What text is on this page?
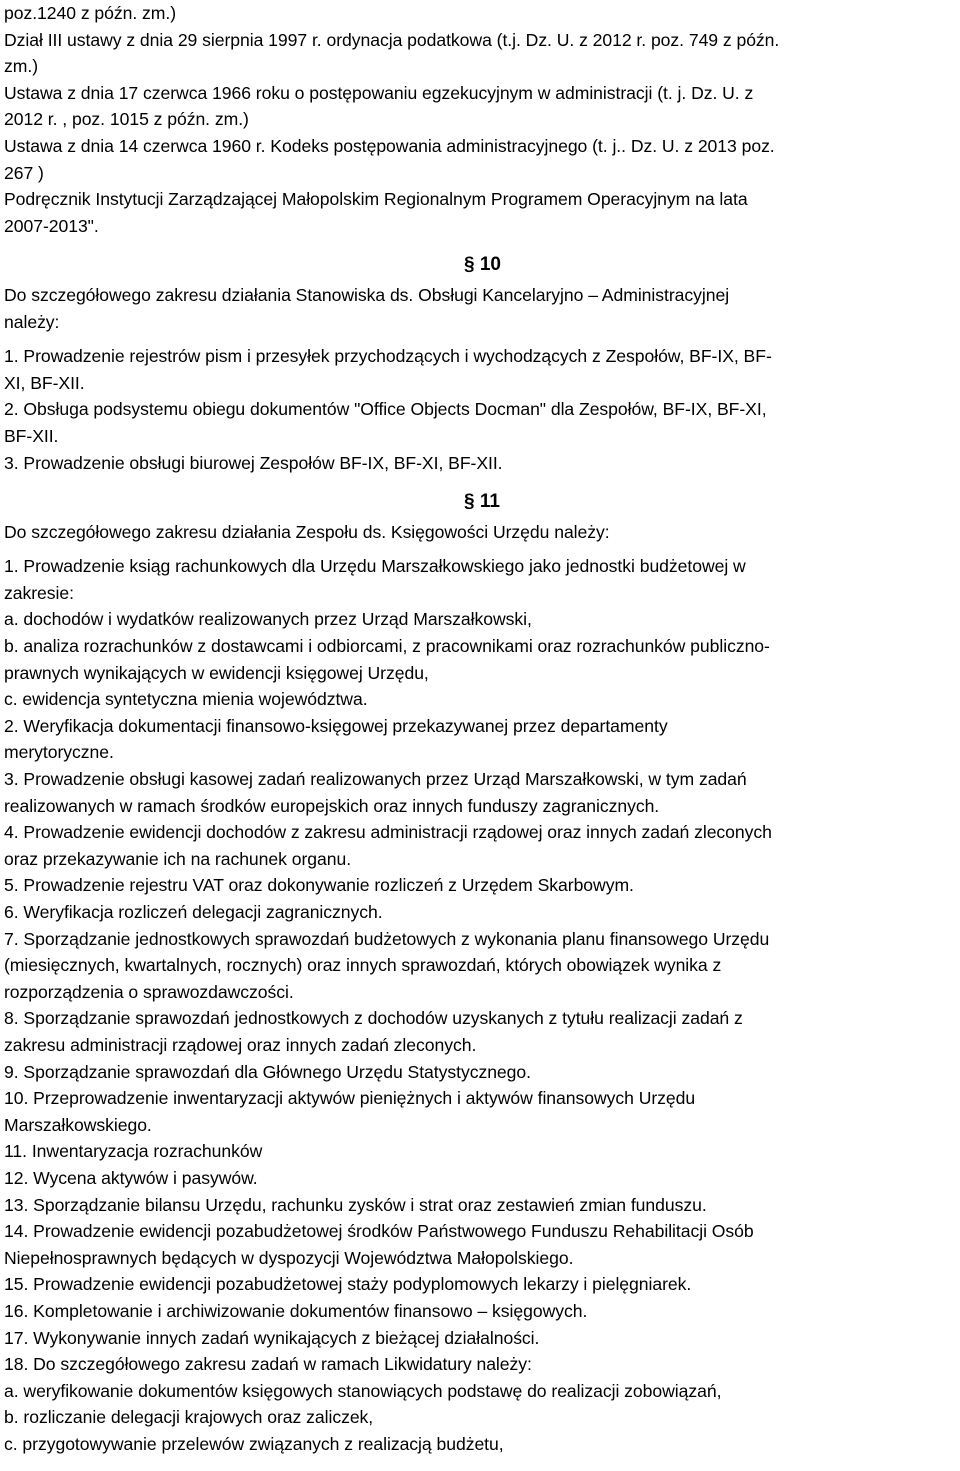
poz.1240 z późn. zm.)
Dział III ustawy z dnia 29 sierpnia 1997 r. ordynacja podatkowa (t.j. Dz. U. z 2012 r. poz. 749 z późn.
zm.)
Ustawa z dnia 17 czerwca 1966 roku o postępowaniu egzekucyjnym w administracji (t. j. Dz. U. z
2012 r. , poz. 1015 z późn. zm.)
Ustawa z dnia 14 czerwca 1960 r. Kodeks postępowania administracyjnego (t. j.. Dz. U. z 2013 poz.
267 )
Podręcznik Instytucji Zarządzającej Małopolskim Regionalnym Programem Operacyjnym na lata
2007-2013".
§ 10
Do szczegółowego zakresu działania Stanowiska ds. Obsługi Kancelaryjno – Administracyjnej
należy:
1. Prowadzenie rejestrów pism i przesyłek przychodzących i wychodzących z Zespołów, BF-IX, BF-
XI, BF-XII.
2. Obsługa podsystemu obiegu dokumentów "Office Objects Docman" dla Zespołów, BF-IX, BF-XI,
BF-XII.
3. Prowadzenie obsługi biurowej Zespołów BF-IX, BF-XI, BF-XII.
§ 11
Do szczegółowego zakresu działania Zespołu ds. Księgowości Urzędu należy:
1. Prowadzenie ksiąg rachunkowych dla Urzędu Marszałkowskiego jako jednostki budżetowej w
zakresie:
a. dochodów i wydatków realizowanych przez Urząd Marszałkowski,
b. analiza rozrachunków z dostawcami i odbiorcami, z pracownikami oraz rozrachunków publiczno-
prawnych wynikających w ewidencji księgowej Urzędu,
c. ewidencja syntetyczna mienia województwa.
2. Weryfikacja dokumentacji finansowo-księgowej przekazywanej przez departamenty
merytoryczne.
3. Prowadzenie obsługi kasowej zadań realizowanych przez Urząd Marszałkowski, w tym zadań
realizowanych w ramach środków europejskich oraz innych funduszy zagranicznych.
4. Prowadzenie ewidencji dochodów z zakresu administracji rządowej oraz innych zadań zleconych
oraz przekazywanie ich na rachunek organu.
5. Prowadzenie rejestru VAT oraz dokonywanie rozliczeń z Urzędem Skarbowym.
6. Weryfikacja rozliczeń delegacji zagranicznych.
7. Sporządzanie jednostkowych sprawozdań budżetowych z wykonania planu finansowego Urzędu
(miesięcznych, kwartalnych, rocznych) oraz innych sprawozdań, których obowiązek wynika z
rozporządzenia o sprawozdawczości.
8. Sporządzanie sprawozdań jednostkowych z dochodów uzyskanych z tytułu realizacji zadań z
zakresu administracji rządowej oraz innych zadań zleconych.
9. Sporządzanie sprawozdań dla Głównego Urzędu Statystycznego.
10. Przeprowadzenie inwentaryzacji aktywów pieniężnych i aktywów finansowych Urzędu
Marszałkowskiego.
11. Inwentaryzacja rozrachunków
12. Wycena aktywów i pasywów.
13. Sporządzanie bilansu Urzędu, rachunku zysków i strat oraz zestawień zmian funduszu.
14. Prowadzenie ewidencji pozabudżetowej środków Państwowego Funduszu Rehabilitacji Osób
Niepełnosprawnych będących w dyspozycji Województwa Małopolskiego.
15. Prowadzenie ewidencji pozabudżetowej staży podyplomowych lekarzy i pielęgniarek.
16. Kompletowanie i archiwizowanie dokumentów finansowo – księgowych.
17. Wykonywanie innych zadań wynikających z bieżącej działalności.
18. Do szczegółowego zakresu zadań w ramach Likwidatury należy:
a. weryfikowanie dokumentów księgowych stanowiących podstawę do realizacji zobowiązań,
b. rozliczanie delegacji krajowych oraz zaliczek,
c. przygotowywanie przelewów związanych z realizacją budżetu,
